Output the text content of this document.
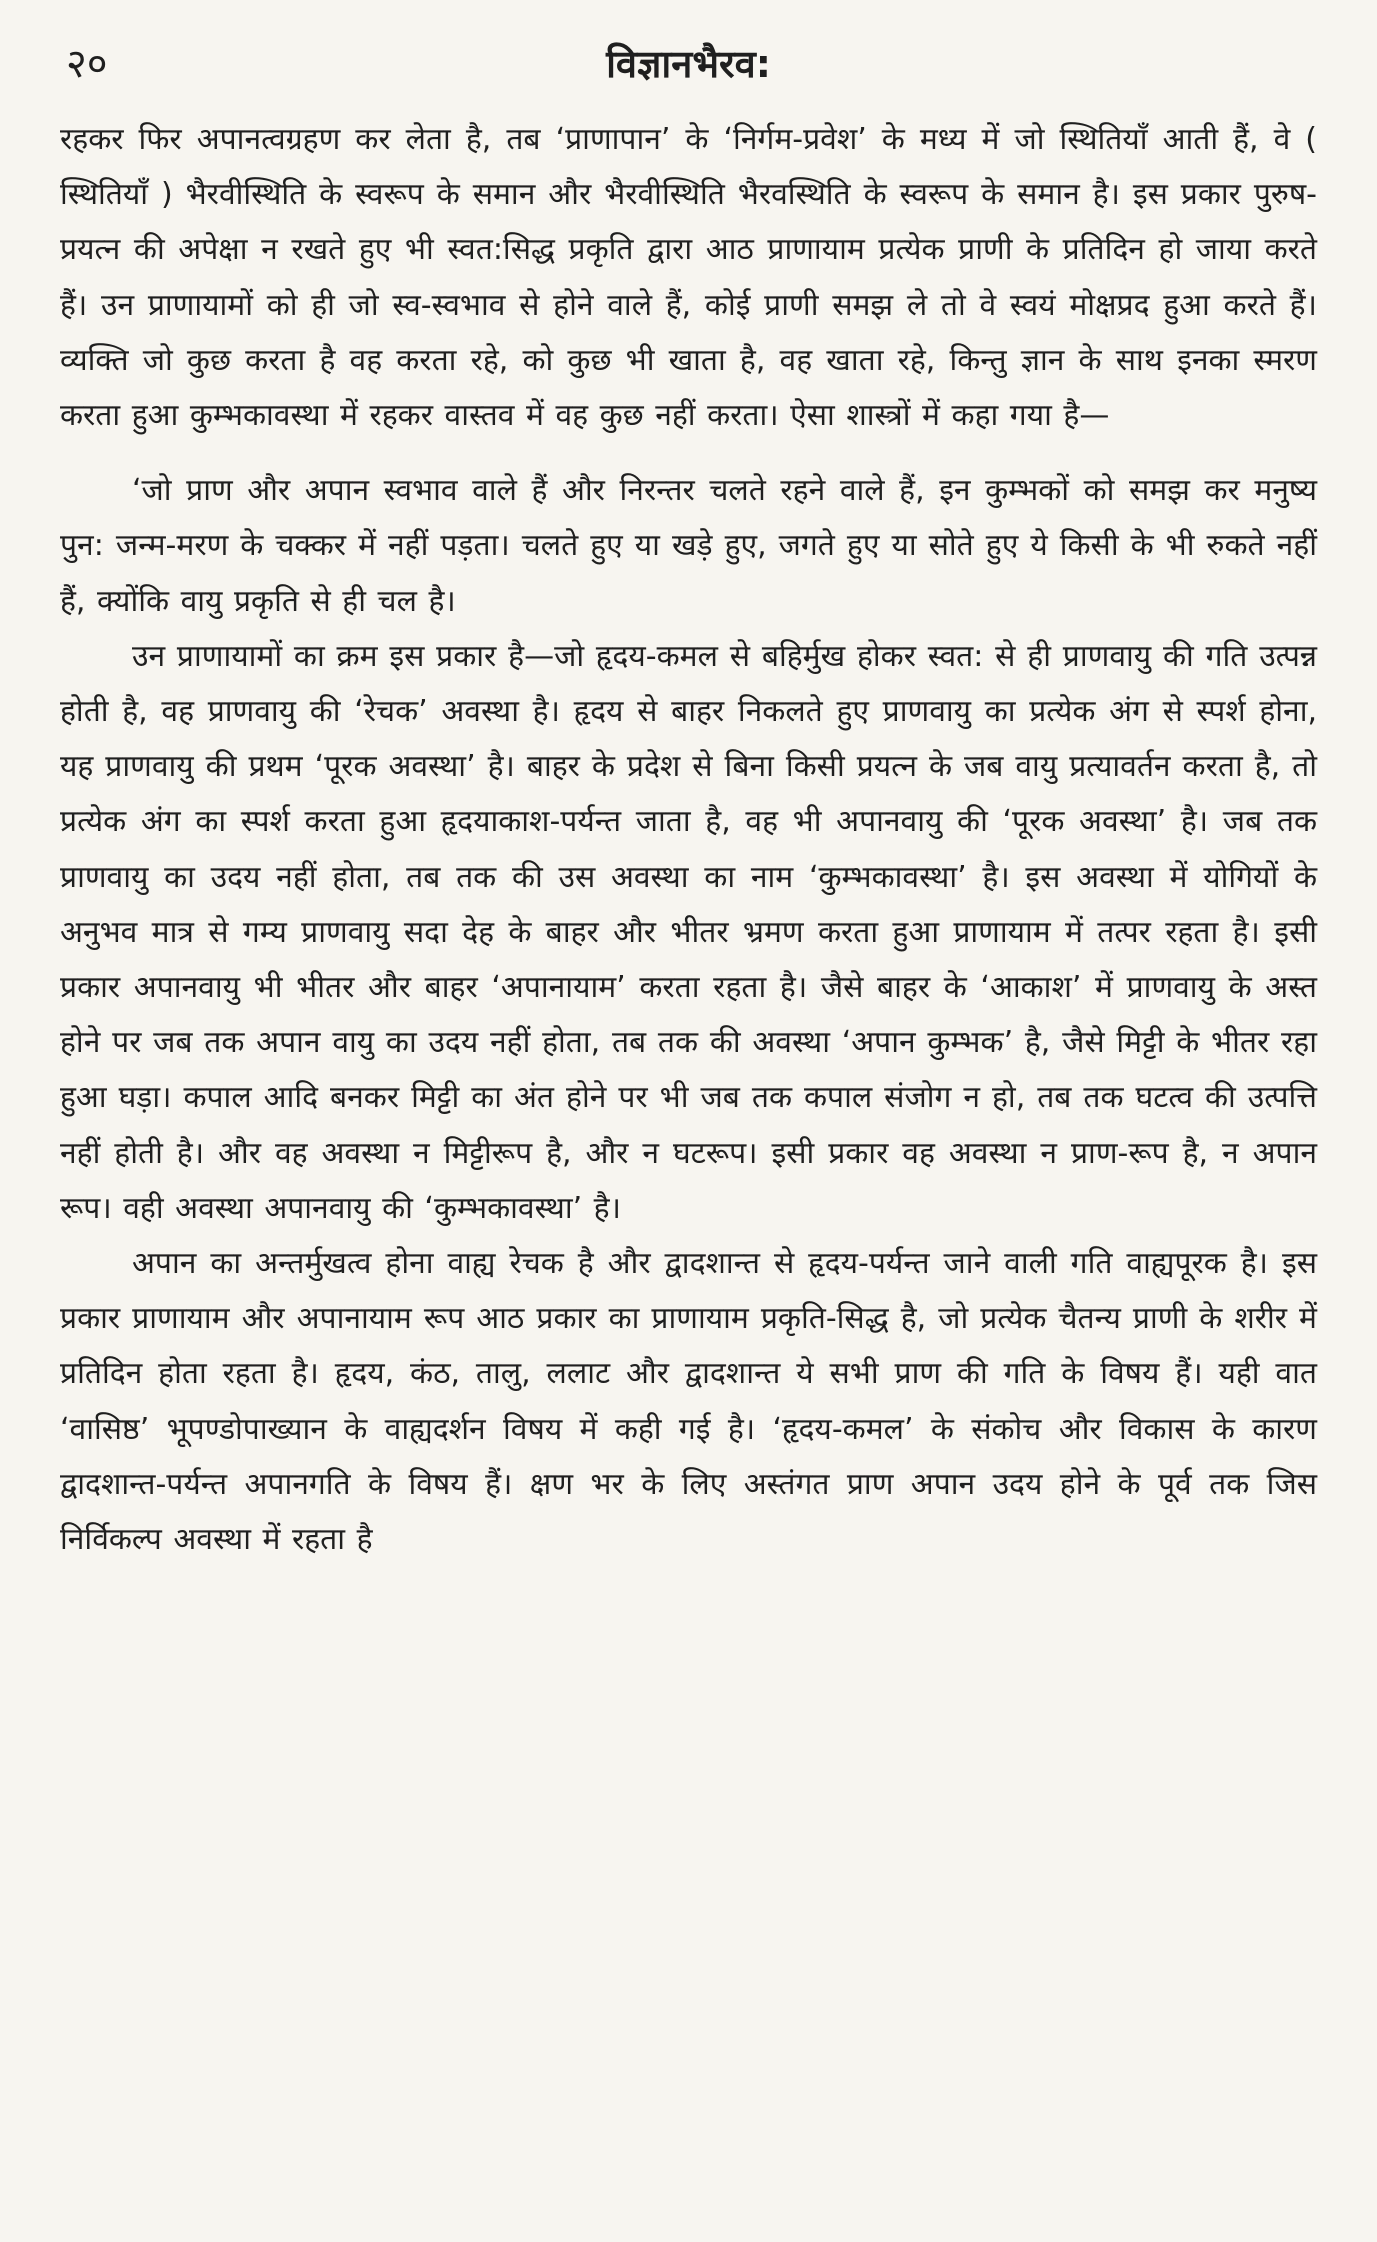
२०	विज्ञानभैरव:

रहकर फिर अपानत्वग्रहण कर लेता है, तब ‘प्राणापान’ के ‘निर्गम-प्रवेश’ के मध्य में जो स्थितियाँ आती हैं, वे ( स्थितियाँ ) भैरवीस्थिति के स्वरूप के समान और भैरवीस्थिति भैरवस्थिति के स्वरूप के समान है। इस प्रकार पुरुष-प्रयत्न की अपेक्षा न रखते हुए भी स्वत:सिद्ध प्रकृति द्वारा आठ प्राणायाम प्रत्येक प्राणी के प्रतिदिन हो जाया करते हैं। उन प्राणायामों को ही जो स्व-स्वभाव से होने वाले हैं, कोई प्राणी समझ ले तो वे स्वयं मोक्षप्रद हुआ करते हैं। व्यक्ति जो कुछ करता है वह करता रहे, को कुछ भी खाता है, वह खाता रहे, किन्तु ज्ञान के साथ इनका स्मरण करता हुआ कुम्भकावस्था में रहकर वास्तव में वह कुछ नहीं करता। ऐसा शास्त्रों में कहा गया है—

‘जो प्राण और अपान स्वभाव वाले हैं और निरन्तर चलते रहने वाले हैं, इन कुम्भकों को समझ कर मनुष्य पुन: जन्म-मरण के चक्कर में नहीं पड़ता। चलते हुए या खड़े हुए, जगते हुए या सोते हुए ये किसी के भी रुकते नहीं हैं, क्योंकि वायु प्रकृति से ही चल है।

उन प्राणायामों का क्रम इस प्रकार है—जो हृदय-कमल से बहिर्मुख होकर स्वत: से ही प्राणवायु की गति उत्पन्न होती है, वह प्राणवायु की ‘रेचक’ अवस्था है। हृदय से बाहर निकलते हुए प्राणवायु का प्रत्येक अंग से स्पर्श होना, यह प्राणवायु की प्रथम ‘पूरक अवस्था’ है। बाहर के प्रदेश से बिना किसी प्रयत्न के जब वायु प्रत्यावर्तन करता है, तो प्रत्येक अंग का स्पर्श करता हुआ हृदयाकाश-पर्यन्त जाता है, वह भी अपानवायु की ‘पूरक अवस्था’ है। जब तक प्राणवायु का उदय नहीं होता, तब तक की उस अवस्था का नाम ‘कुम्भकावस्था’ है। इस अवस्था में योगियों के अनुभव मात्र से गम्य प्राणवायु सदा देह के बाहर और भीतर भ्रमण करता हुआ प्राणायाम में तत्पर रहता है। इसी प्रकार अपानवायु भी भीतर और बाहर ‘अपानायाम’ करता रहता है। जैसे बाहर के ‘आकाश’ में प्राणवायु के अस्त होने पर जब तक अपान वायु का उदय नहीं होता, तब तक की अवस्था ‘अपान कुम्भक’ है, जैसे मिट्टी के भीतर रहा हुआ घड़ा। कपाल आदि बनकर मिट्टी का अंत होने पर भी जब तक कपाल संजोग न हो, तब तक घटत्व की उत्पत्ति नहीं होती है। और वह अवस्था न मिट्टीरूप है, और न घटरूप। इसी प्रकार वह अवस्था न प्राण-रूप है, न अपान रूप। वही अवस्था अपानवायु की ‘कुम्भकावस्था’ है।

अपान का अन्तर्मुखत्व होना वाह्य रेचक है और द्वादशान्त से हृदय-पर्यन्त जाने वाली गति वाह्यपूरक है। इस प्रकार प्राणायाम और अपानायाम रूप आठ प्रकार का प्राणायाम प्रकृति-सिद्ध है, जो प्रत्येक चैतन्य प्राणी के शरीर में प्रतिदिन होता रहता है। हृदय, कंठ, तालु, ललाट और द्वादशान्त ये सभी प्राण की गति के विषय हैं। यही वात ‘वासिष्ठ’ भूपण्डोपाख्यान के वाह्यदर्शन विषय में कही गई है। ‘हृदय-कमल’ के संकोच और विकास के कारण द्वादशान्त-पर्यन्त अपानगति के विषय हैं। क्षण भर के लिए अस्तंगत प्राण अपान उदय होने के पूर्व तक जिस निर्विकल्प अवस्था में रहता है
